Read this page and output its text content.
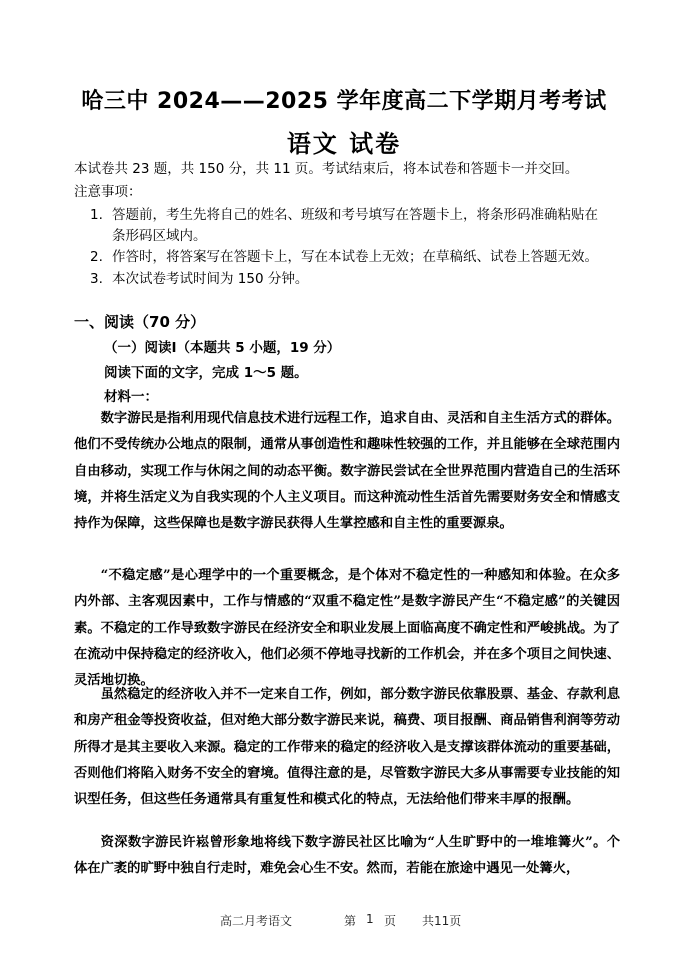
哈三中 2024——2025 学年度高二下学期月考考试
语文 试卷
本试卷共 23 题，共 150 分，共 11 页。考试结束后，将本试卷和答题卡一并交回。
注意事项：
1. 答题前，考生先将自己的姓名、班级和考号填写在答题卡上，将条形码准确粘贴在
条形码区域内。
2. 作答时，将答案写在答题卡上，写在本试卷上无效；在草稿纸、试卷上答题无效。
3. 本次试卷考试时间为 150 分钟。
一、阅读（70 分）
（一）阅读Ⅰ（本题共 5 小题，19 分）
阅读下面的文字，完成 1～5 题。
材料一：
数字游民是指利用现代信息技术进行远程工作，追求自由、灵活和自主生活方式的群体。他们不受传统办公地点的限制，通常从事创造性和趣味性较强的工作，并且能够在全球范围内自由移动，实现工作与休闲之间的动态平衡。数字游民尝试在全世界范围内营造自己的生活环境，并将生活定义为自我实现的个人主义项目。而这种流动性生活首先需要财务安全和情感支持作为保障，这些保障也是数字游民获得人生掌控感和自主性的重要源泉。
“不稳定感”是心理学中的一个重要概念，是个体对不稳定性的一种感知和体验。在众多内外部、主客观因素中，工作与情感的“双重不稳定性”是数字游民产生“不稳定感”的关键因素。不稳定的工作导致数字游民在经济安全和职业发展上面临高度不确定性和严峻挑战。为了在流动中保持稳定的经济收入，他们必须不停地寻找新的工作机会，并在多个项目之间快速、灵活地切换。
虽然稳定的经济收入并不一定来自工作，例如，部分数字游民依靠股票、基金、存款利息和房产租金等投资收益，但对绝大部分数字游民来说，稿费、项目报酬、商品销售利润等劳动所得才是其主要收入来源。稳定的工作带来的稳定的经济收入是支撑该群体流动的重要基础，否则他们将陷入财务不安全的窘境。值得注意的是，尽管数字游民大多从事需要专业技能的知识型任务，但这些任务通常具有重复性和模式化的特点，无法给他们带来丰厚的报酬。
资深数字游民许崧曾形象地将线下数字游民社区比喻为“人生旷野中的一堆堆篝火”。个体在广袤的旷野中独自行走时，难免会心生不安。然而，若能在旅途中遇见一处篝火，
高二月考语文	第 1 页 共11页
